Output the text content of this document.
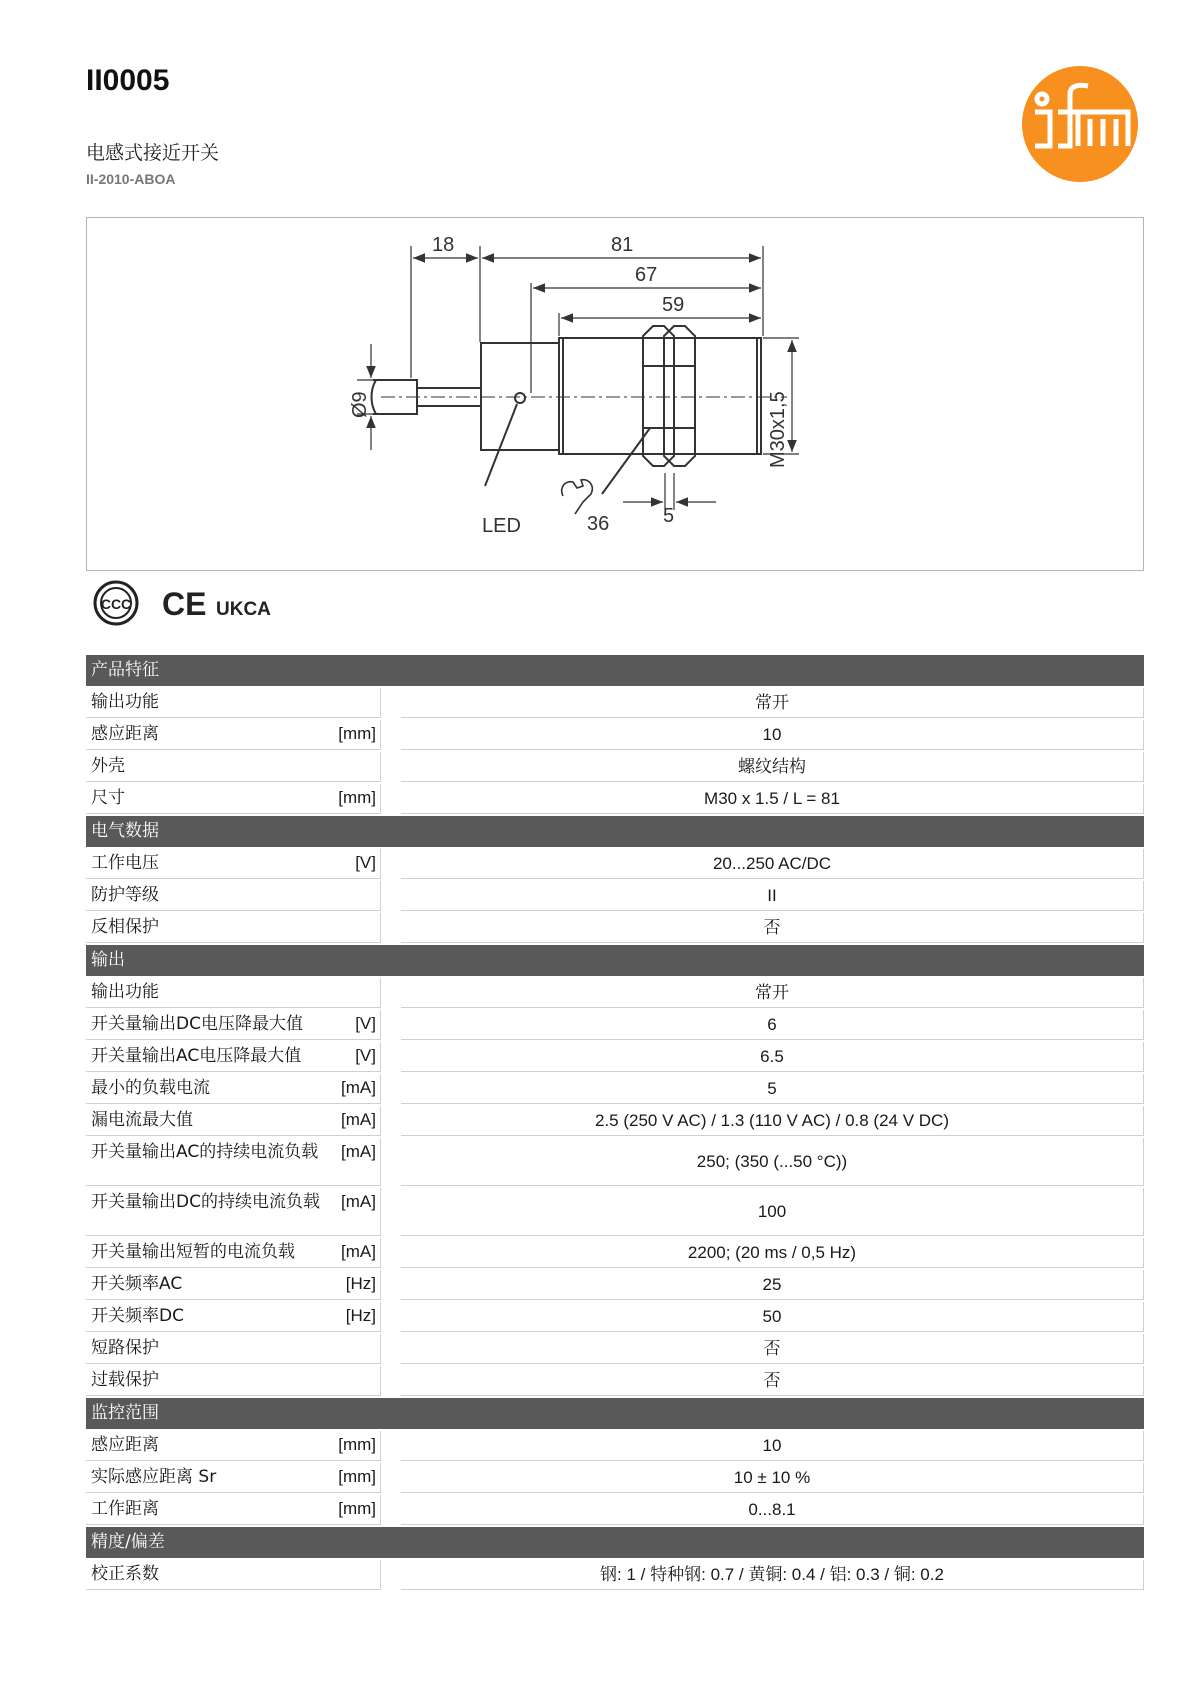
II0005
电感式接近开关
II-2010-ABOA
18	81
67
59
Ø9	M30x1,5
LED	36	5
CCC CE UKCA
产品特征
输出功能	常开
感应距离	[mm]	10
外壳	螺纹结构
尺寸	[mm]	M30 x 1.5 / L = 81
电气数据
工作电压	[V]	20...250 AC/DC
防护等级	II
反相保护	否
输出
输出功能	常开
开关量输出DC电压降最大值	[V]	6
开关量输出AC电压降最大值	[V]	6.5
最小的负载电流	[mA]	5
漏电流最大值	[mA]	2.5 (250 V AC) / 1.3 (110 V AC) / 0.8 (24 V DC)
开关量输出AC的持续电流负载	[mA]	250; (350 (...50 °C))
开关量输出DC的持续电流负载	[mA]	100
开关量输出短暂的电流负载	[mA]	2200; (20 ms / 0,5 Hz)
开关频率AC	[Hz]	25
开关频率DC	[Hz]	50
短路保护	否
过载保护	否
监控范围
感应距离	[mm]	10
实际感应距离 Sr	[mm]	10 ± 10 %
工作距离	[mm]	0...8.1
精度/偏差
校正系数	钢: 1 / 特种钢: 0.7 / 黄铜: 0.4 / 铝: 0.3 / 铜: 0.2
